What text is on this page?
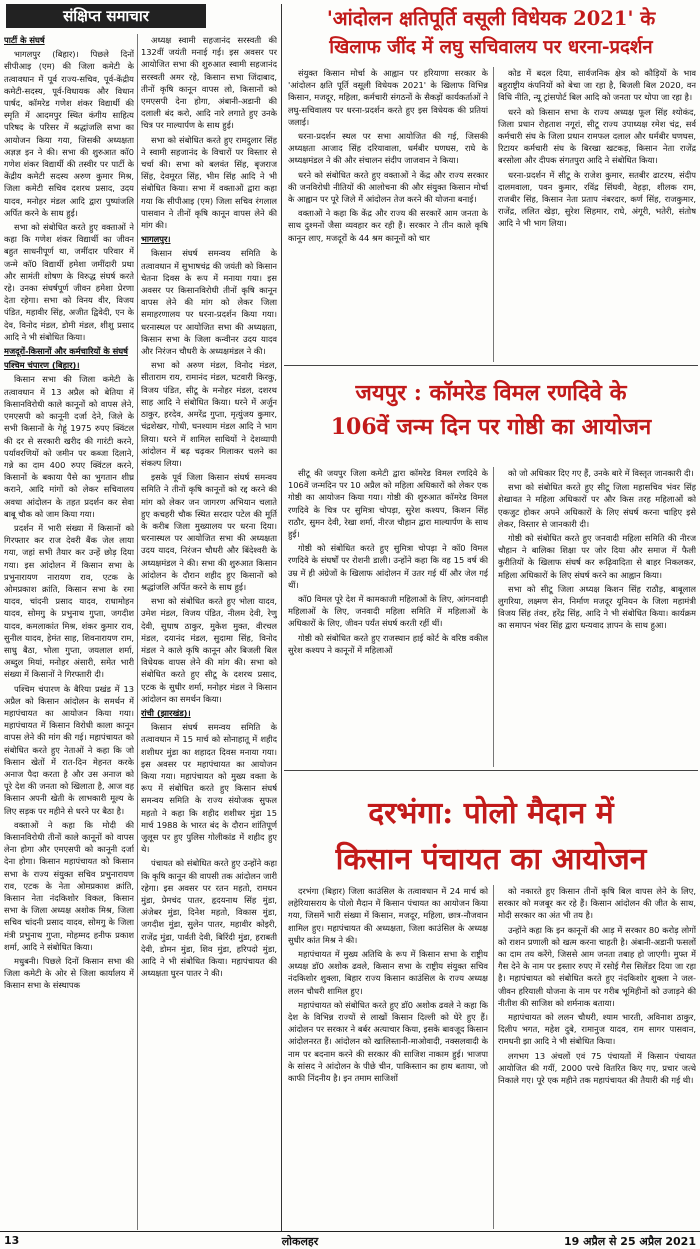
संक्षिप्त समाचार

पार्टी के संघर्ष

भागलपुर (बिहार)। पिछले दिनों सीपीआइ (एम) की जिला कमेटी के तत्वावधान में पूर्व राज्य-सचिव, पूर्व-केंद्रीय कमेटी-सदस्य, पूर्व-विधायक और विधान पार्षद, कॉमरेड गणेश शंकर विद्यार्थी की स्मृति में आदमपुर स्थित कंगीय साहित्य परिषद के परिसर में श्रद्धांजलि सभा का आयोजन किया गया, जिसकी अध्यक्षता अज्ञज्ञ इन ने की। सभा की शुरुआत कॉ0 गणेश शंकर विद्यार्थी की तस्वीर पर पार्टी के केंद्रीय कमेटी सदस्य अरुण कुमार मिश्र, जिला कमेटी सचिव दशरथ प्रसाद, उदय यादव, मनोहर मंडल आदि द्वारा पुष्पांजलि अर्पित करने के साथ हुई।

सभा को संबोधित करते हुए वक्ताओं ने कहा कि गणेश शंकर विद्यार्थी का जीवन बहुत साधनीपूर्ण था, जमींदार परिवार में जन्मे कॉ0 विद्यार्थी हमेशा जमींदारी प्रथा और सामंती शोषण के विरुद्ध संघर्ष करते रहे। उनका संघर्षपूर्ण जीवन हमेशा प्रेरणा देता रहेगा। सभा को विनय वीर, विजय पंडित, महावीर सिंह, अजीत द्विवेदी, एन के देव, विनोद मंडल, डोमी मंडल, शीशु प्रसाद आदि ने भी संबोधित किया।

मजदूरों-किसानों और कर्मचारियों के संघर्ष

पश्चिम चंपारण (बिहार)।

किसान सभा की जिला कमेटी के तत्वावधान में 13 अप्रैल को बेतिया में किसानविरोधी काले कानूनों को वापस लेने, एमएसपी को कानूनी दर्जा देने, जिले के सभी किसानों के गेहूं 1975 रुपए क्विंटल की दर से सरकारी खरीद की गारंटी करने, पर्यावरणियों को जमीन पर कब्जा दिलाने, गन्ने का दाम 400 रुपए क्विंटल करने, किसानों के बकाया पैसे का भुगतान शीघ्र कराने, आदि मांगों को लेकर सचिवालय अवधा आंदोलन के तहत प्रदर्शन कर सेवा बाबू चौक को जाम किया गया।

प्रदर्शन में भारी संख्या में किसानों को गिरफ्तार कर राज देवरी बैंक जेल लाया गया, जहां सभी तैयार कर उन्हें छोड़ दिया गया। इस आंदोलन में किसान सभा के प्रभुनारायण नारायण राव, एटक के ओमप्रकाश क्रांति, किसान सभा के रमा यादव, चांदनी प्रसाद यादव, राधामोहन यादव, सोमगु के प्रभुनाथ गुप्ता, जगदीश यादव, कमलाकांत मिश्र, शंकर कुमार राव, सुनील यादव, हेमंत साह, शिवनारायण राम, साधु बैठा, भोला गुप्ता, जयलाल शर्मा, अब्दुल मियां, मनोहर अंसारी, समेत भारी संख्या में किसानों ने गिरफ्तारी दी।

पश्चिम चंपारण के बैरिया प्रखंड में 13 अप्रैल को किसान आंदोलन के समर्थन में महापंचायत का आयोजन किया गया। महापंचायत में किसान विरोधी काला कानून वापस लेने की मांग की गई। महापंचायत को संबोधित करते हुए नेताओं ने कहा कि जो किसान खेतों में रात-दिन मेहनत करके अनाज पैदा करता है और उस अनाज को पूरे देश की जनता को खिलाता है, आज वह किसान अपनी खेती के लाभकारी मूल्य के लिए सड़क पर महीने से धरने पर बैठा है।

वक्ताओं ने कहा कि मोदी की किसानविरोधी तीनों काले कानूनों को वापस लेना होगा और एमएसपी को कानूनी दर्जा देना होगा। किसान महापंचायत को किसान सभा के राज्य संयुक्त सचिव प्रभुनारायण राव, एटक के नेता ओमप्रकाश क्रांति, किसान नेता नंदकिशोर विकल, किसान सभा के जिला अध्यक्ष अशोक मिश्र, जिला सचिव चांदनी प्रसाद यादव, सोमगु के जिला मंत्री प्रभुनाथ गुप्ता, मोहम्मद हनीफ प्रकाश शर्मा, आदि ने संबोधित किया।

मधुबनी। पिछले दिनों किसान सभा की जिला कमेटी के ओर से जिला कार्यालय में किसान सभा के संस्थापक

अध्यक्ष स्वामी सहजानंद सरस्वती की 132वीं जयंती मनाई गई। इस अवसर पर आयोजित सभा की शुरुआत स्वामी सहजानंद सरस्वती अमर रहे, किसान सभा जिंदाबाद, तीनों कृषि कानून वापस लो, किसानों को एमएसपी देना होगा, अंबानी-अडानी की दलाली बंद करो, आदि नारे लगाते हुए उनके चित्र पर माल्यार्पण के साथ हुई।

सभा को संबोधित करते हुए रामदुलार सिंह ने स्वामी सहजानंद के विचारों पर विस्तार से चर्चा की। सभा को बलवंत सिंह, बृजराज सिंह, देवमूरत सिंह, भीम सिंह आदि ने भी संबोधित किया। सभा में वक्ताओं द्वारा कहा गया कि सीपीआइ (एम) जिला सचिव रंगलाल पासवान ने तीनों कृषि कानून वापस लेने की मांग की।

भागलपुर।

किसान संघर्ष समन्वय समिति के तत्वावधान में सुभाषचंद्र की जयंती को किसान चेतना दिवस के रूप में मनाया गया। इस अवसर पर किसानविरोधी तीनों कृषि कानून वापस लेने की मांग को लेकर जिला समाहरणालय पर धरना-प्रदर्शन किया गया। धरनास्थल पर आयोजित सभा की अध्यक्षता, किसान सभा के जिला कन्वीनर उदय यादव और निरंजन चौधरी के अध्यक्षमंडल ने की।

सभा को अरुण मंडल, विनोद मंडल, सीताराम राय, रामानंद मंडल, घटवारी किरकु, विजय पंडित, सीटू के मनोहर मंडल, दशरथ साह आदि ने संबोधित किया। धरने में अर्जुन ठाकुर, हरदेव, अमरेंद्र गुप्ता, मृत्युंजय कुमार, चंद्रशेखर, गोधी, घनश्याम मंडल आदि ने भाग लिया। धरने में शामिल साथियों ने देशव्यापी आंदोलन में बढ़ चढ़कर मिलाकर चलने का संकल्प लिया।

इसके पूर्व जिला किसान संघर्ष समन्वय समिति ने तीनों कृषि कानूनों को रद्द करने की मांग को लेकर जन जागरण अभियान चलाते हुए कचहरी चौक स्थित सरदार पटेल की मूर्ति के करीब जिला मुख्यालय पर धरना दिया। धरनास्थल पर आयोजित सभा की अध्यक्षता उदय यादव, निरंजन चौधरी और बिंदेश्वरी के अध्यक्षमंडल ने की। सभा की शुरुआत किसान आंदोलन के दौरान शहीद हुए किसानों को श्रद्धांजलि अर्पित करने के साथ हुई।

सभा को संबोधित करते हुए भोला यादव, उमेश मंडल, विजय पंडित, नीलम देवी, रेणु देवी, सुधाष ठाकुर, मुकेश मुक्त, वीरचल मंडल, दयानंद मंडल, सुदामा सिंह, विनोद मंडल ने काले कृषि कानून और बिजली बिल विधेयक वापस लेने की मांग की। सभा को संबोधित करते हुए सीटू के दशरथ प्रसाद, एटक के सुधीर शर्मा, मनोहर मंडल ने किसान आंदोलन का समर्थन किया।

रांची (झारखंड)।

किसान संघर्ष समन्वय समिति के तत्वावधान में 15 मार्च को सोनाहातू में शहीद शशीधर मुंडा का शहादत दिवस मनाया गया। इस अवसर पर महापंचायत का आयोजन किया गया। महापंचायत को मुख्य वक्ता के रूप में संबोधित करते हुए किसान संघर्ष समन्वय समिति के राज्य संयोजक सुफल महतो ने कहा कि शहीद शशीधर मुंडा 15 मार्च 1988 के भारत बंद के दौरान शांतिपूर्ण जुलूस पर हुए पुलिस गोलीकांड में शहीद हुए थे।

पंचायत को संबोधित करते हुए उन्होंने कहा कि कृषि कानून की वापसी तक आंदोलन जारी रहेगा। इस अवसर पर रतन महतो, रामधन मुंडा, प्रेमचंद पातर, हृदयनाथ सिंह मुंडा, अंजेबर मुंडा, दिनेश महतो, विकास मुंडा, जगदीश मुंडा, सुलेन पातर, महावीर कोइरी, राजेंद्र मुंडा, पार्वती देवी, बिरिंदी मुंडा, हराबती देवी, डोमन मुंडा, शिव मुंडा, हरिपदो मुंडा, आदि ने भी संबोधित किया। महापंचायत की अध्यक्षता घुरन पातर ने की।

'आंदोलन क्षतिपूर्ति वसूली विधेयक 2021' के
खिलाफ जींद में लघु सचिवालय पर धरना-प्रदर्शन

संयुक्त किसान मोर्चा के आह्वान पर हरियाणा सरकार के 'आंदोलन क्षति पूर्ति वसूली विधेयक 2021' के खिलाफ विभिन्न किसान, मजदूर, महिला, कर्मचारी संगठनों के सैकड़ों कार्यकर्ताओं ने लघु-सचिवालय पर धरना-प्रदर्शन करते हुए इस विधेयक की प्रतियां जलाई।

धरना-प्रदर्शन स्थल पर सभा आयोजित की गई, जिसकी अध्यक्षता आजाद सिंह दरियावाला, धर्मबीर घणघस, राघे के अध्यक्षमंडल ने की और संचालन संदीप जाजवान ने किया।

धरने को संबोधित करते हुए वक्ताओं ने केंद्र और राज्य सरकार की जनविरोधी नीतियों की आलोचना की और संयुक्त किसान मोर्चा के आह्वान पर पूरे जिले में आंदोलन तेज करने की योजना बनाई।

वक्ताओं ने कहा कि केंद्र और राज्य की सरकारें आम जनता के साथ दुश्मनों जैसा व्यवहार कर रही हैं। सरकार ने तीन काले कृषि कानून लाए, मजदूरों के 44 श्रम कानूनों को चार

कोड में बदल दिया, सार्वजनिक क्षेत्र को कौड़ियों के भाव बहुराष्ट्रीय कंपनियों को बेचा जा रहा है, बिजली बिल 2020, वन विधि नीति, न्यू ट्रांसपोर्ट बिल आदि को जनता पर थोपा जा रहा है।

धरने को किसान सभा के राज्य अध्यक्ष फूल सिंह श्योकंद, जिला प्रधान रोहताश नगूरां, सीटू राज्य उपाध्यक्ष रमेश चंद्र, सर्व कर्मचारी संघ के जिला प्रधान रामफल दलाल और धर्मबीर घणघस, रिटायर कर्मचारी संघ के बिरखा खटकड़, किसान नेता राजेंद्र बरसोला और दीपक संगतपुरा आदि ने संबोधित किया।

धरना-प्रदर्शन में सीटू के राजेश कुमार, सतबीर ढाटरथ, संदीप दालमवाला, पवन कुमार, रविंद्र सिंघवी, वेहड़ा, शीलक राम, राजबीर सिंह, किसान नेता प्रताप नंबरदार, कर्ण सिंह, राजकुमार, राजेंद्र, ललित खेड़ा, सुरेश सिहमार, राघे, अंगूरी, भतेरी, संतोष आदि ने भी भाग लिया।

जयपुर : कॉमरेड विमल रणदिवे के
106वें जन्म दिन पर गोष्ठी का आयोजन

सीटू की जयपुर जिला कमेटी द्वारा कॉमरेड विमल रणदिवे के 106वें जन्मदिन पर 10 अप्रैल को महिला अधिकारों को लेकर एक गोष्ठी का आयोजन किया गया। गोष्ठी की शुरुआत कॉमरेड विमल रणदिवे के चित्र पर सुमित्रा चोपड़ा, सुरेश कश्यप, किशन सिंह राठौर, सुमन देवी, रेखा शर्मा, नीरज चौहान द्वारा माल्यार्पण के साथ हुई।

गोष्ठी को संबोधित करते हुए सुमित्रा चोपड़ा ने कॉ0 विमल रणदिवे के संघर्षों पर रोशनी डाली। उन्होंने कहा कि वह 15 वर्ष की उम्र में ही अंग्रेजों के खिलाफ आंदोलन में उतर गई थीं और जेल गई थीं।

कॉ0 विमल पूरे देश में कामकाजी महिलाओं के लिए, आंगनवाड़ी महिलाओं के लिए, जनवादी महिला समिति में महिलाओं के अधिकारों के लिए, जीवन पर्यंत संघर्ष करती रहीं थीं।

गोष्ठी को संबोधित करते हुए राजस्थान हाई कोर्ट के वरिष्ठ वकील सुरेश कश्यप ने कानूनों में महिलाओं

को जो अधिकार दिए गए हैं, उनके बारे में विस्तृत जानकारी दी।

सभा को संबोधित करते हुए सीटू जिला महासचिव भंवर सिंह शेखावत ने महिला अधिकारों पर और किस तरह महिलाओं को एकजुट होकर अपने अधिकारों के लिए संघर्ष करना चाहिए इसे लेकर, विस्तार से जानकारी दी।

गोष्ठी को संबोधित करते हुए जनवादी महिला समिति की नीरज चौहान ने बालिका शिक्षा पर जोर दिया और समाज में फैली कुरीतियों के खिलाफ संघर्ष कर रूढ़िवादिता से बाहर निकलकर, महिला अधिकारों के लिए संघर्ष करने का आह्वान किया।

सभा को सीटू जिला अध्यक्ष किशन सिंह राठौड़, बाबूलाल लुगरिया, लक्ष्मण सेन, निर्माण मजदूर यूनियन के जिला महामंत्री विजय सिंह तंवर, हरेंद्र सिंह, आदि ने भी संबोधित किया। कार्यक्रम का समापन भंवर सिंह द्वारा धन्यवाद ज्ञापन के साथ हुआ।

दरभंगा: पोलो मैदान में
किसान पंचायत का आयोजन

दरभंगा (बिहार) जिला काउंसिल के तत्वावधान में 24 मार्च को लहेरियासराय के पोलो मैदान में किसान पंचायत का आयोजन किया गया, जिसमें भारी संख्या में किसान, मजदूर, महिला, छात्र-नौजवान शामिल हुए। महापंचायत की अध्यक्षता, जिला काउंसिल के अध्यक्ष सुधीर कांत मिश्र ने की।

महापंचायत में मुख्य अतिथि के रूप में किसान सभा के राष्ट्रीय अध्यक्ष डॉ0 अशोक ढवले, किसान सभा के राष्ट्रीय संयुक्त सचिव नंदकिशोर शुक्ला, बिहार राज्य किसान काउंसिल के राज्य अध्यक्ष ललन चौधरी शामिल हुए।

महापंचायत को संबोधित करते हुए डॉ0 अशोक ढवले ने कहा कि देश के विभिन्न राज्यों से लाखों किसान दिल्ली को घेरे हुए हैं। आंदोलन पर सरकार ने बर्बर अत्याचार किया, इसके बावजूद किसान आंदोलनरत हैं। आंदोलन को खालिस्तानी-माओवादी, नक्सलवादी के नाम पर बदनाम करने की सरकार की साजिश नाकाम हुई। भाजपा के सांसद ने आंदोलन के पीछे चीन, पाकिस्तान का हाथ बताया, जो काफी निंदनीय है। इन तमाम साजिशों

को नकारते हुए किसान तीनों कृषि बिल वापस लेने के लिए, सरकार को मजबूर कर रहे हैं। किसान आंदोलन की जीत के साथ, मोदी सरकार का अंत भी तय है।

उन्होंने कहा कि इन कानूनों की आड़ में सरकार 80 करोड़ लोगों को राशन प्रणाली को खत्म करना चाहती है। अंबानी-अडानी फसलों का दाम तय करेंगे, जिससे आम जनता तबाह हो जाएगी। मुफ्त में गैस देने के नाम पर इस्तार रुपए में रसोई गैस सिलेंडर दिया जा रहा है। महापंचायत को संबोधित करते हुए नंदकिशोर शुक्ला ने जल-जीवन हरियाली योजना के नाम पर गरीब भूमिहीनों को उजाड़ने की नीतीश की साजिश को शर्मनाक बताया।

महापंचायत को ललन चौधरी, श्याम भारती, अविनाश ठाकुर, दिलीप भगत, महेश दुबे, रामानुज यादव, राम सागर पासवान, रामधनी झा आदि ने भी संबोधित किया।

लगभग 13 अंचलों एवं 75 पंचायतों में किसान पंचायत आयोजित की गयीं, 2000 परचे वितरित किए गए, प्रचार जत्थे निकाले गए। पूरे एक महीने तक महापंचायत की तैयारी की गई थी।

13	लोकलहर	19 अप्रैल से 25 अप्रैल 2021
